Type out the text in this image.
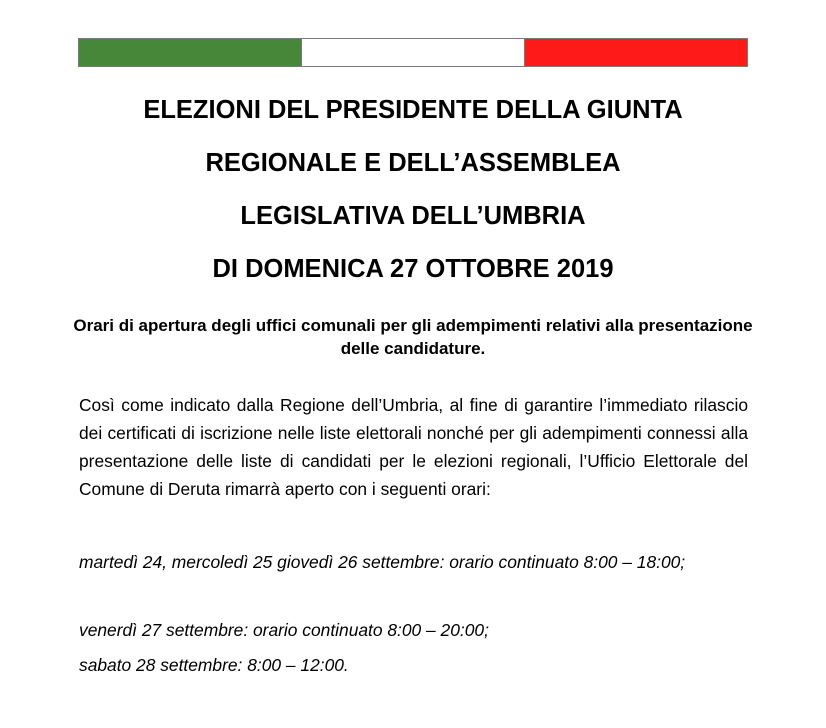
ELEZIONI DEL PRESIDENTE DELLA GIUNTA
REGIONALE E DELL’ASSEMBLEA
LEGISLATIVA DELL’UMBRIA
DI DOMENICA 27 OTTOBRE 2019
Orari di apertura degli uffici comunali per gli adempimenti relativi alla presentazione delle candidature.

Così come indicato dalla Regione dell’Umbria, al fine di garantire l’immediato rilascio dei certificati di iscrizione nelle liste elettorali nonché per gli adempimenti connessi alla presentazione delle liste di candidati per le elezioni regionali, l’Ufficio Elettorale del Comune di Deruta rimarrà aperto con i seguenti orari:

martedì 24, mercoledì 25 giovedì 26 settembre: orario continuato 8:00 – 18:00;

venerdì 27 settembre: orario continuato 8:00 – 20:00;

sabato 28 settembre: 8:00 – 12:00.
